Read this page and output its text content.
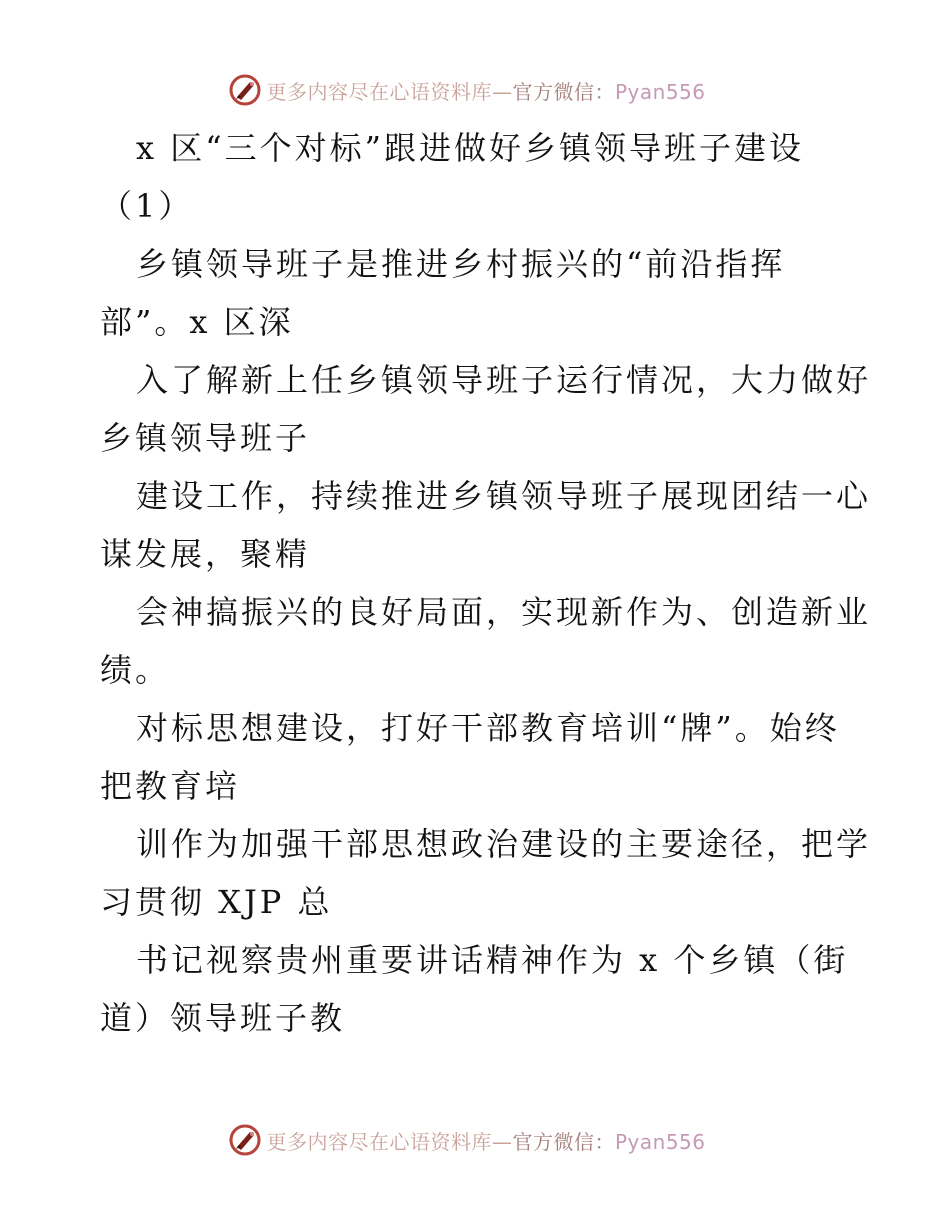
更多内容尽在心语资料库—官方微信：Pyan556
x 区“三个对标”跟进做好乡镇领导班子建设
（1）
乡镇领导班子是推进乡村振兴的“前沿指挥
部”。x 区深
入了解新上任乡镇领导班子运行情况，大力做好
乡镇领导班子
建设工作，持续推进乡镇领导班子展现团结一心
谋发展，聚精
会神搞振兴的良好局面，实现新作为、创造新业
绩。
对标思想建设，打好干部教育培训“牌”。始终
把教育培
训作为加强干部思想政治建设的主要途径，把学
习贯彻 XJP 总
书记视察贵州重要讲话精神作为 x 个乡镇（街
道）领导班子教
更多内容尽在心语资料库—官方微信：Pyan556
